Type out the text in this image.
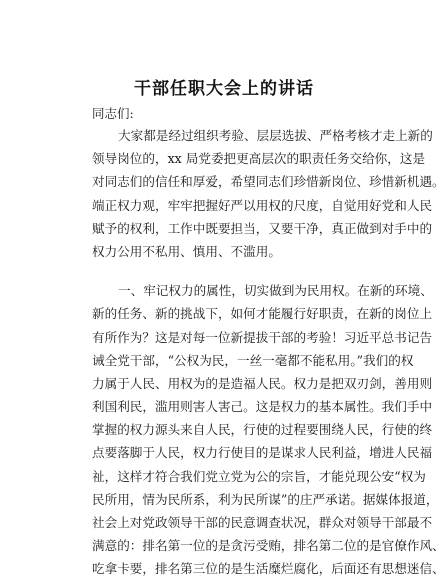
干部任职大会上的讲话
同志们:
大家都是经过组织考验、层层选拔、严格考核才走上新的
领导岗位的，xx 局党委把更高层次的职责任务交给你，这是
对同志们的信任和厚爱，希望同志们珍惜新岗位、珍惜新机遇。
端正权力观，牢牢把握好严以用权的尺度，自觉用好党和人民
赋予的权利，工作中既要担当，又要干净，真正做到对手中的
权力公用不私用、慎用、不滥用。
一、牢记权力的属性，切实做到为民用权。在新的环境、
新的任务、新的挑战下，如何才能履行好职责，在新的岗位上
有所作为？这是对每一位新提拔干部的考验！习近平总书记告
诫全党干部，“公权为民，一丝一毫都不能私用。”我们的权
力属于人民、用权为的是造福人民。权力是把双刃剑，善用则
利国利民，滥用则害人害己。这是权力的基本属性。我们手中
掌握的权力源头来自人民，行使的过程要围绕人民，行使的终
点要落脚于人民，权力行使目的是谋求人民利益，增进人民福
祉，这样才符合我们党立党为公的宗旨，才能兑现公安“权为
民所用，情为民所系，利为民所谋”的庄严承诺。据媒体报道，
社会上对党政领导干部的民意调查状况，群众对领导干部最不
满意的：排名第一位的是贪污受贿，排名第二位的是官僚作风、
吃拿卡要，排名第三位的是生活糜烂腐化，后面还有思想迷信、
